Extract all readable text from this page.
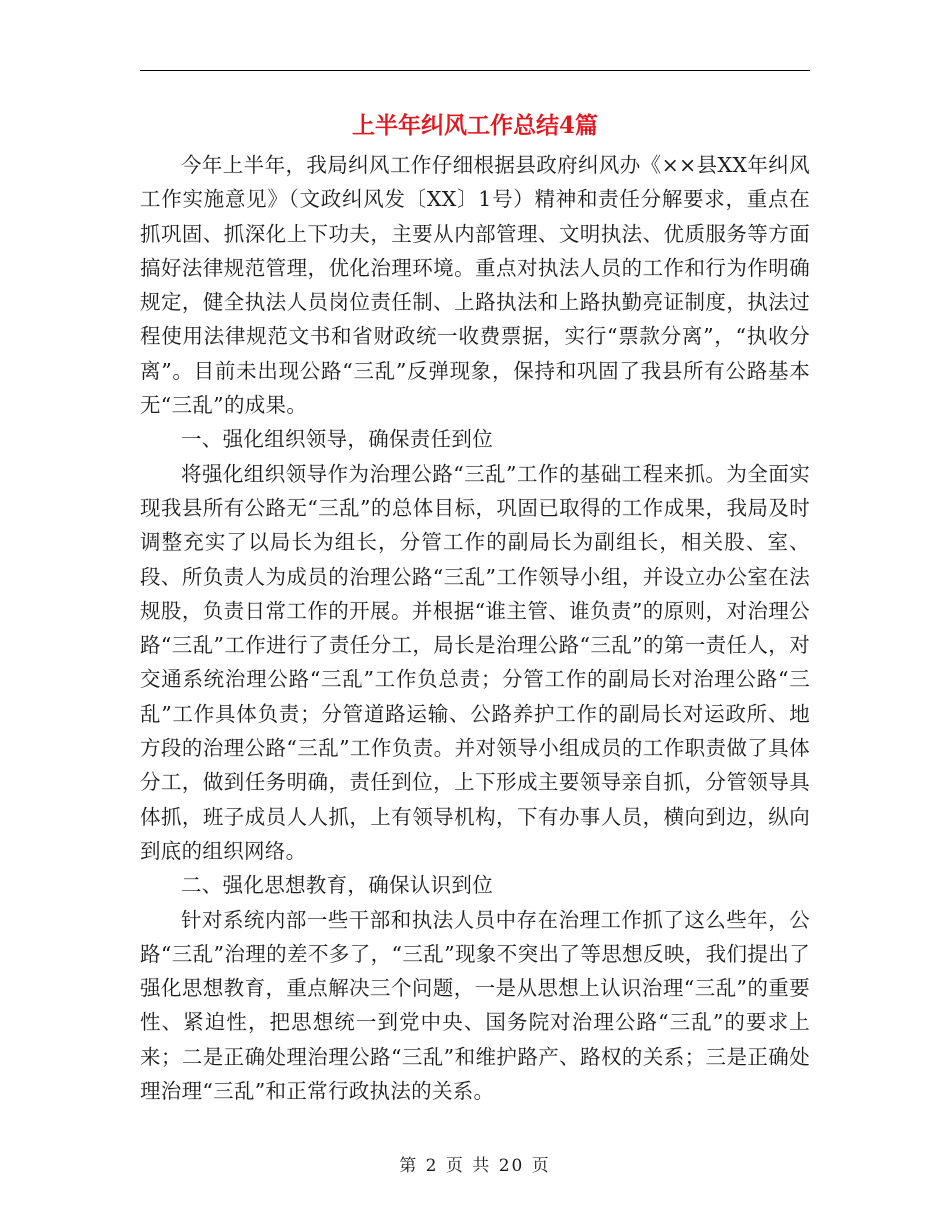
上半年纠风工作总结4篇

今年上半年，我局纠风工作仔细根据县政府纠风办《××县XX年纠风工作实施意见》（文政纠风发〔XX〕1号）精神和责任分解要求，重点在抓巩固、抓深化上下功夫，主要从内部管理、文明执法、优质服务等方面搞好法律规范管理，优化治理环境。重点对执法人员的工作和行为作明确规定，健全执法人员岗位责任制、上路执法和上路执勤亮证制度，执法过程使用法律规范文书和省财政统一收费票据，实行“票款分离”，“执收分离”。目前未出现公路“三乱”反弹现象，保持和巩固了我县所有公路基本无“三乱”的成果。

一、强化组织领导，确保责任到位

将强化组织领导作为治理公路“三乱”工作的基础工程来抓。为全面实现我县所有公路无“三乱”的总体目标，巩固已取得的工作成果，我局及时调整充实了以局长为组长，分管工作的副局长为副组长，相关股、室、段、所负责人为成员的治理公路“三乱”工作领导小组，并设立办公室在法规股，负责日常工作的开展。并根据“谁主管、谁负责”的原则，对治理公路“三乱”工作进行了责任分工，局长是治理公路“三乱”的第一责任人，对交通系统治理公路“三乱”工作负总责；分管工作的副局长对治理公路“三乱”工作具体负责；分管道路运输、公路养护工作的副局长对运政所、地方段的治理公路“三乱”工作负责。并对领导小组成员的工作职责做了具体分工，做到任务明确，责任到位，上下形成主要领导亲自抓，分管领导具体抓，班子成员人人抓，上有领导机构，下有办事人员，横向到边，纵向到底的组织网络。

二、强化思想教育，确保认识到位

针对系统内部一些干部和执法人员中存在治理工作抓了这么些年，公路“三乱”治理的差不多了，“三乱”现象不突出了等思想反映，我们提出了强化思想教育，重点解决三个问题，一是从思想上认识治理“三乱”的重要性、紧迫性，把思想统一到党中央、国务院对治理公路“三乱”的要求上来；二是正确处理治理公路“三乱”和维护路产、路权的关系；三是正确处理治理“三乱”和正常行政执法的关系。

第 2 页 共 20 页
